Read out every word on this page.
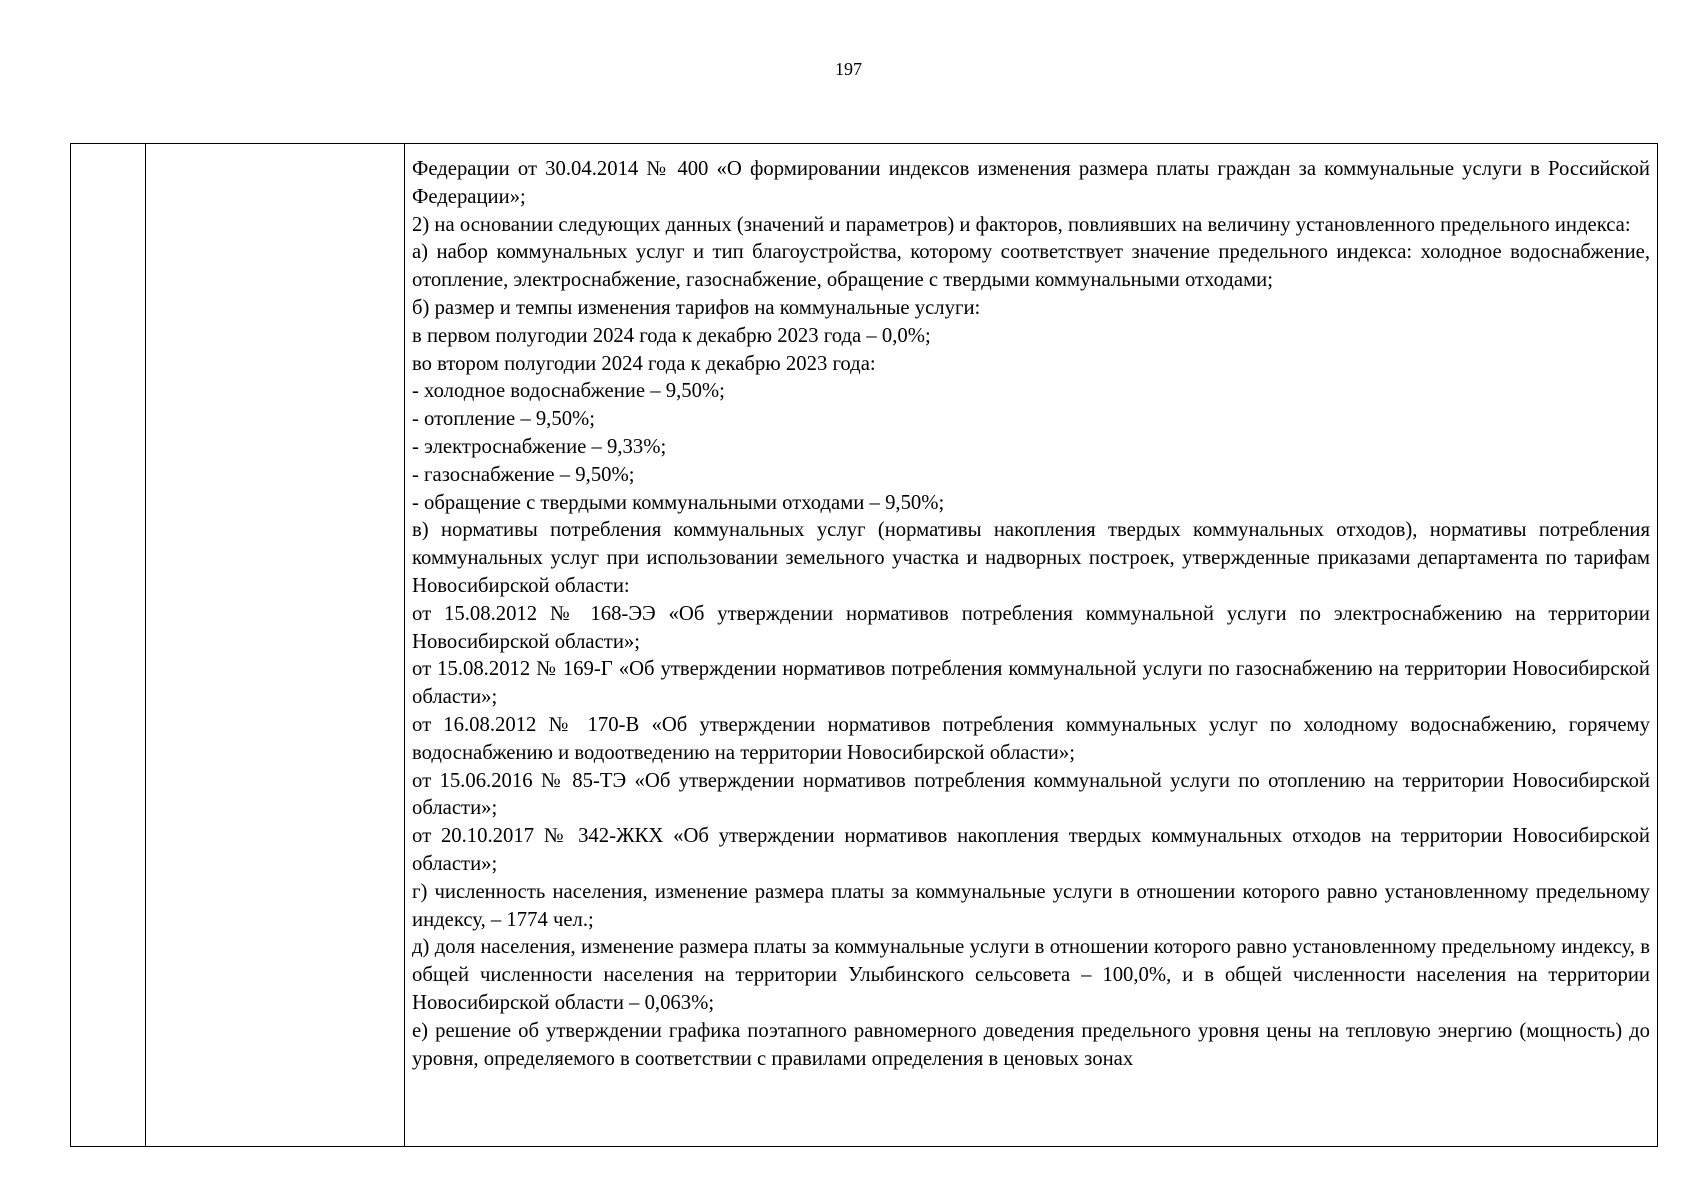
197

Федерации от 30.04.2014 № 400 «О формировании индексов изменения размера платы граждан за коммунальные услуги в Российской Федерации»;

2) на основании следующих данных (значений и параметров) и факторов, повлиявших на величину установленного предельного индекса:

а) набор коммунальных услуг и тип благоустройства, которому соответствует значение предельного индекса: холодное водоснабжение, отопление, электроснабжение, газоснабжение, обращение с твердыми коммунальными отходами;

б) размер и темпы изменения тарифов на коммунальные услуги:

в первом полугодии 2024 года к декабрю 2023 года – 0,0%;

во втором полугодии 2024 года к декабрю 2023 года:

- холодное водоснабжение – 9,50%;

- отопление – 9,50%;

- электроснабжение – 9,33%;

- газоснабжение – 9,50%;

- обращение с твердыми коммунальными отходами – 9,50%;

в) нормативы потребления коммунальных услуг (нормативы накопления твердых коммунальных отходов), нормативы потребления коммунальных услуг при использовании земельного участка и надворных построек, утвержденные приказами департамента по тарифам Новосибирской области:

от 15.08.2012 № 168-ЭЭ «Об утверждении нормативов потребления коммунальной услуги по электроснабжению на территории Новосибирской области»;

от 15.08.2012 № 169-Г «Об утверждении нормативов потребления коммунальной услуги по газоснабжению на территории Новосибирской области»;

от 16.08.2012 № 170-В «Об утверждении нормативов потребления коммунальных услуг по холодному водоснабжению, горячему водоснабжению и водоотведению на территории Новосибирской области»;

от 15.06.2016 № 85-ТЭ «Об утверждении нормативов потребления коммунальной услуги по отоплению на территории Новосибирской области»;

от 20.10.2017 № 342-ЖКХ «Об утверждении нормативов накопления твердых коммунальных отходов на территории Новосибирской области»;

г) численность населения, изменение размера платы за коммунальные услуги в отношении которого равно установленному предельному индексу, – 1774 чел.;

д) доля населения, изменение размера платы за коммунальные услуги в отношении которого равно установленному предельному индексу, в общей численности населения на территории Улыбинского сельсовета – 100,0%, и в общей численности населения на территории Новосибирской области – 0,063%;

е) решение об утверждении графика поэтапного равномерного доведения предельного уровня цены на тепловую энергию (мощность) до уровня, определяемого в соответствии с правилами определения в ценовых зонах
